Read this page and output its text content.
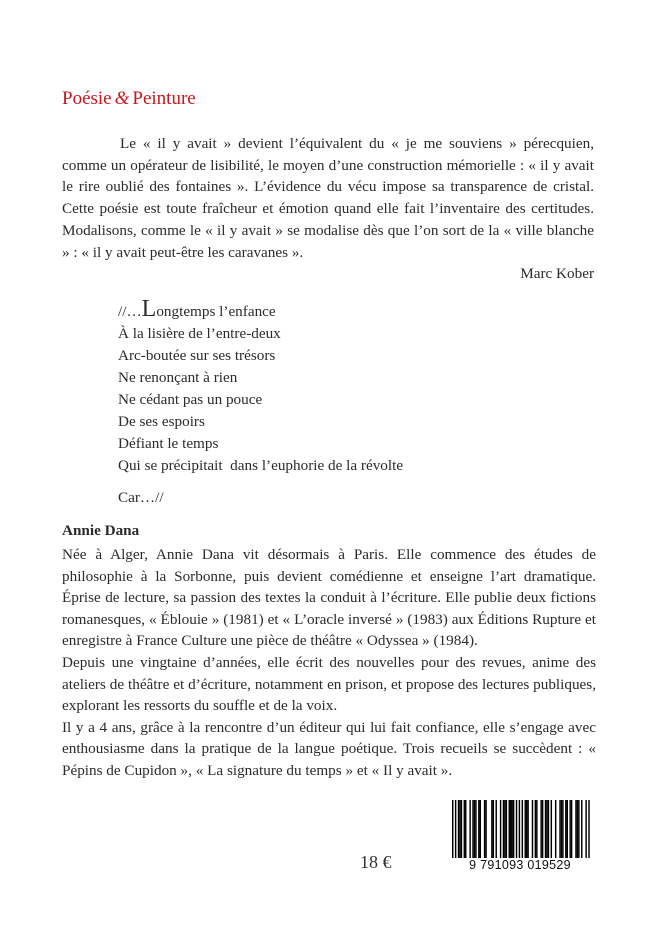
Poésie & Peinture

Le « il y avait » devient l’équivalent du « je me souviens » pérecquien, comme un opérateur de lisibilité, le moyen d’une construction mémorielle : « il y avait le rire oublié des fontaines ». L’évidence du vécu impose sa transparence de cristal. Cette poésie est toute fraîcheur et émotion quand elle fait l’inventaire des certitudes. Modalisons, comme le « il y avait » se modalise dès que l’on sort de la « ville blanche » : « il y avait peut-être les caravanes ».

Marc Kober
//…Longtemps l’enfance
À la lisière de l’entre-deux
Arc-boutée sur ses trésors
Ne renonçant à rien
Ne cédant pas un pouce
De ses espoirs
Défiant le temps
Qui se précipitait  dans l’euphorie de la révolte
Car…//
Annie Dana

Née à Alger, Annie Dana vit désormais à Paris. Elle commence des études de philosophie à la Sorbonne, puis devient comédienne et enseigne l’art dramatique. Éprise de lecture, sa passion des textes la conduit à l’écriture. Elle publie deux fictions romanesques, « Éblouie » (1981) et « L’oracle inversé » (1983) aux Éditions Rupture et enregistre à France Culture une pièce de théâtre « Odyssea » (1984).

Depuis une vingtaine d’années, elle écrit des nouvelles pour des revues, anime des ateliers de théâtre et d’écriture, notamment en prison, et propose des lectures publiques, explorant les ressorts du souffle et de la voix.

Il y a 4 ans, grâce à la rencontre d’un éditeur qui lui fait confiance, elle s’engage avec enthousiasme dans la pratique de la langue poétique. Trois recueils se succèdent : « Pépins de Cupidon », « La signature du temps » et « Il y avait ».

18 €	9 791093 019529
